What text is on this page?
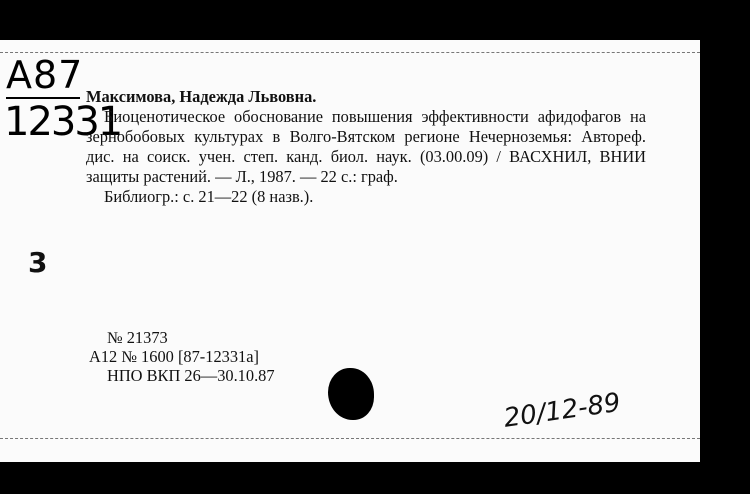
А87
12331
3
Максимова, Надежда Львовна.
Биоценотическое обоснование повышения эффективности афидофагов на зернобобовых культурах в Волго-Вятском регионе Нечерноземья: Автореф. дис. на соиск. учен. степ. канд. биол. наук. (03.00.09) / ВАСХНИЛ, ВНИИ защиты растений. — Л., 1987. — 22 с.: граф.
Библиогр.: с. 21—22 (8 назв.).
№ 21373
А12 № 1600 [87-12331а]
НПО ВКП 26—30.10.87
20/12-89
